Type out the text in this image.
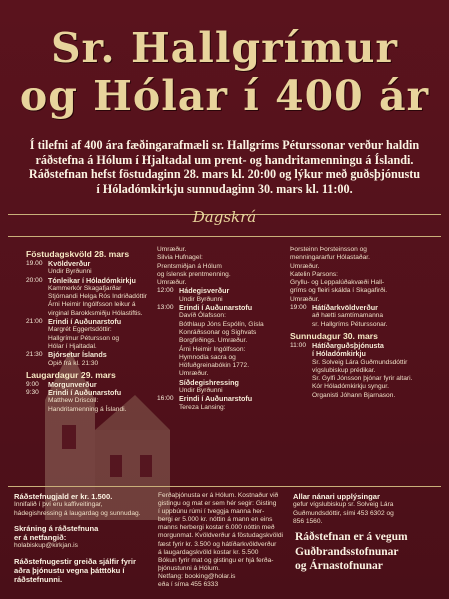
Sr. Hallgrímur
og Hólar í 400 ár

Í tilefni af 400 ára fæðingarafmæli sr. Hallgríms Péturssonar verður haldin

ráðstefna á Hólum í Hjaltadal um prent- og handritamenningu á Íslandi.

Ráðstefnan hefst föstudaginn 28. mars kl. 20:00 og lýkur með guðsþjónustu

í Hóladómkirkju sunnudaginn 30. mars kl. 11:00.

Dagskrá
Föstudagskvöld 28. mars
19.00 Kvöldverður
Undir Byrðunni
20:00 Tónleikar í Hóladómkirkju
Kammerkór Skagafjarðar
Stjórnandi Helga Rós Indriðadóttir
Árni Heimir Ingólfsson leikur á
virginal Barokksmiðju Hólastiftis.
21:00 Erindi í Auðunarstofu
Margrét Eggertsdóttir:
Hallgrímur Pétursson og
Hólar í Hjaltadal.
21:30 Bjórsetur Íslands
Opið frá kl. 21:30
Laugardagur 29. mars
9:00	Morgunverður
9:30	Erindi í Auðunarstofu
Matthew Driscoll:
Handritamenning á Íslandi.
Umræður.
Silvia Hufnagel:
Prentsmiðjan á Hólum
og íslensk prentmenning.
Umræður.
12:00 Hádegisverður
Undir Byrðunni
13:00 Erindi í Auðunarstofu
Davíð Ólafsson:
Bóthlaup Jóns Espólín, Gísla
Konráðssonar og Sighvats
Borgfirðings. Umræður.
Árni Heimir Ingólfsson:
Hymnodia sacra og
Höfuðgreinabókin 1772.
Umræður.
Síðdegishressing
Undir Byrðunni
16:00 Erindi í Auðunarstofu
Tereza Lansing:
Þorsteinn Þorsteinsson og
menningararfur Hólastaðar.
Umræður.
Katelin Parsons:
Gryllu- og Leppalúðakvæði Hall-
gríms og fleiri skálda í Skagafirði.
Umræður.
19:00 Hátíðarkvöldverður
að hætti samtímamanna
sr. Hallgríms Péturssonar.
Sunnudagur 30. mars
11:00 Hátíðarguðsþjónusta
í Hóladómkirkju
Sr. Solveig Lára Guðmundsdóttir
vígslubiskup prédikar.
Sr. Gylfi Jónsson þjónar fyrir altari.
Kór Hóladómkirkju syngur.
Organisti Jóhann Bjarnason.
Ráðstefnugjald er kr. 1.500.
Innifalið í því eru kaffiveitingar,
hádegishressing á laugardag og sunnudag.
Skráning á ráðstefnuna
er á netfangið:
holabiskup@kirkjan.is
Ráðstefnugestir greiða sjálfir fyrir
aðra þjónustu vegna þátttöku í
ráðstefnunni.
Ferðaþjónusta er á Hólum. Kostnaður við
gistingu og mat er sem hér segir: Gisting
í uppbúnu rúmi í tveggja manna her-
bergi er 5.000 kr. nóttin á mann en eins
manns herbergi kostar 6.000 nóttin með
morgunmat. Kvöldverður á föstudagskvöldi
fæst fyrir kr. 3.500 og hátíðarkvöldverður
á laugardagskvöld kostar kr. 5.500
Bókun fyrir mat og gistingu er hjá ferða-
þjónustunni á Hólum.
Netfang: booking@holar.is
eða í síma 455 6333
Allar nánari upplýsingar
gefur vígslubiskup sr. Solveig Lára
Guðmundsdóttir, sími 453 6302 og
856 1560.
Ráðstefnan er á vegum
Guðbrandsstofnunar
og Árnastofnunar
